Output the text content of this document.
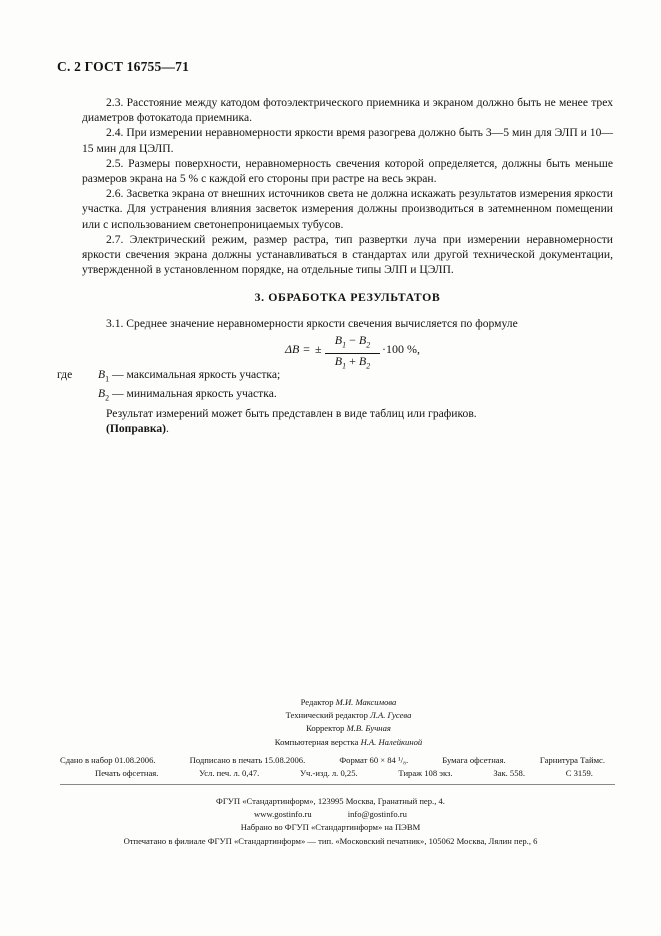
С. 2 ГОСТ 16755—71

2.3. Расстояние между катодом фотоэлектрического приемника и экраном должно быть не менее трех диаметров фотокатода приемника.

2.4. При измерении неравномерности яркости время разогрева должно быть 3—5 мин для ЭЛП и 10—15 мин для ЦЭЛП.

2.5. Размеры поверхности, неравномерность свечения которой определяется, должны быть меньше размеров экрана на 5 % с каждой его стороны при растре на весь экран.

2.6. Засветка экрана от внешних источников света не должна искажать результатов измерения яркости участка. Для устранения влияния засветок измерения должны производиться в затемненном помещении или с использованием светонепроницаемых тубусов.

2.7. Электрический режим, размер растра, тип развертки луча при измерении неравномерности яркости свечения экрана должны устанавливаться в стандартах или другой технической документации, утвержденной в установленном порядке, на отдельные типы ЭЛП и ЦЭЛП.

3. ОБРАБОТКА РЕЗУЛЬТАТОВ

3.1. Среднее значение неравномерности яркости свечения вычисляется по формуле

ΔB = ± $\frac{B_1 - B_2}{B_1 + B_2} \cdot 100$ %,

где $B_1$ — максимальная яркость участка;

$B_2$ — минимальная яркость участка.

Результат измерений может быть представлен в виде таблиц или графиков.

(Поправка).

Редактор М.И. Максимова
Технический редактор Л.А. Гусева
Корректор М.В. Бучная
Компьютерная верстка Н.А. Налейкиной
Сдано в набор 01.08.2006.	Подписано в печать 15.08.2006.	Формат 60 × 84 ¹/₈.	Бумага офсетная.	Гарнитура Таймс.
Печать офсетная.	Усл. печ. л. 0,47.	Уч.-изд. л. 0,25.	Тираж 108 экз.	Зак. 558.	С 3159.
ФГУП «Стандартинформ», 123995 Москва, Гранатный пер., 4.
www.gostinfo.ru	info@gostinfo.ru
Набрано во ФГУП «Стандартинформ» на ПЭВМ
Отпечатано в филиале ФГУП «Стандартинформ» — тип. «Московский печатник», 105062 Москва, Лялин пер., 6
